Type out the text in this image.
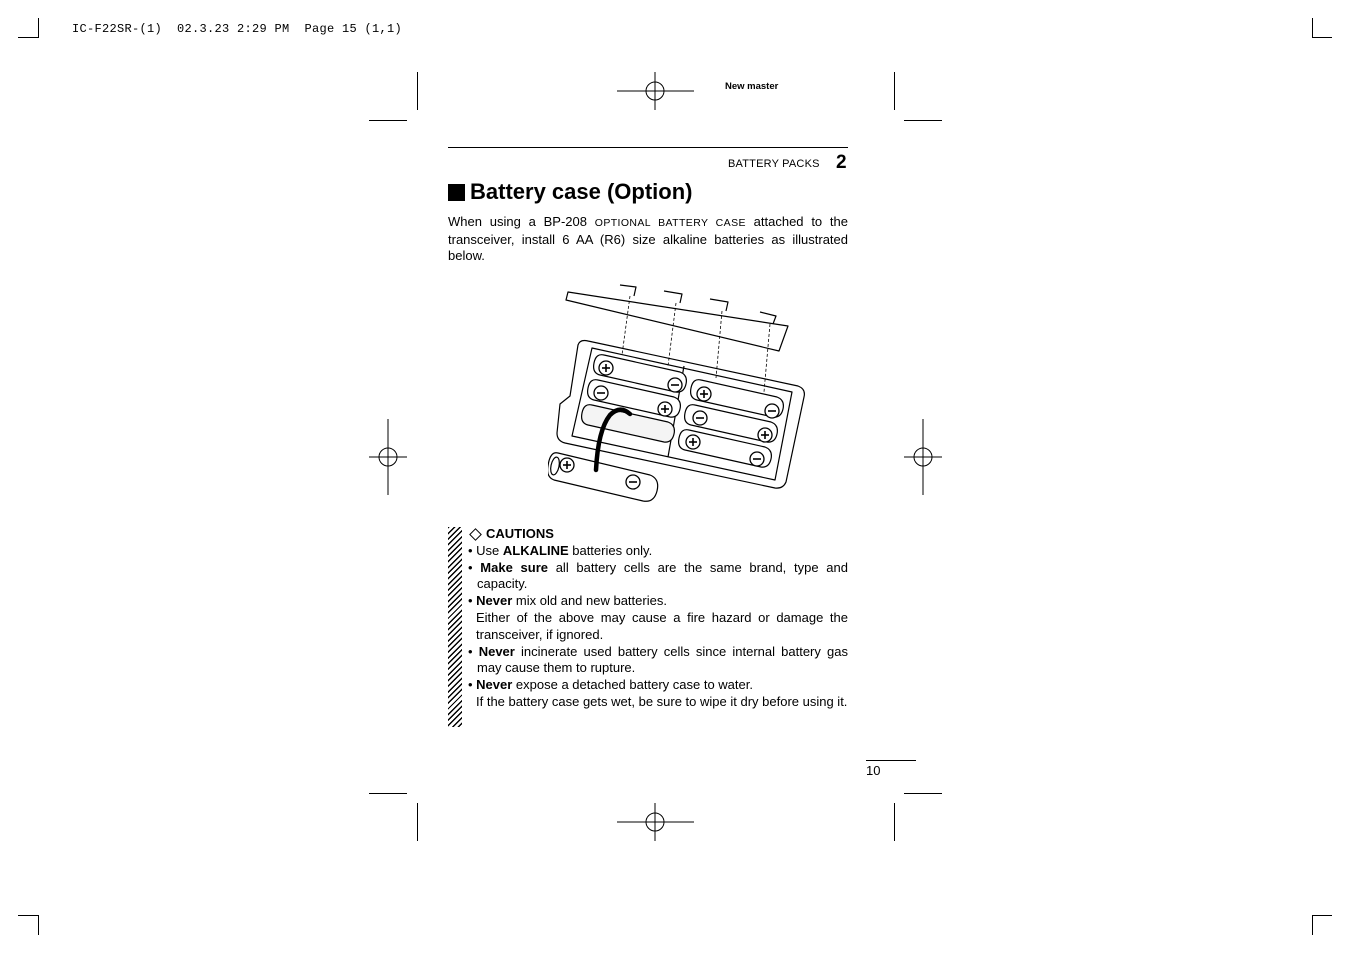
IC-F22SR-(1)  02.3.23 2:29 PM  Page 15 (1,1)
New master
BATTERY PACKS 2
Battery case (Option)
When using a BP-208 OPTIONAL BATTERY CASE attached to the transceiver, install 6 AA (R6) size alkaline batteries as illustrated below.
CAUTIONS
• Use ALKALINE batteries only.
• Make sure all battery cells are the same brand, type and capacity.
• Never mix old and new batteries.
Either of the above may cause a fire hazard or damage the transceiver, if ignored.
• Never incinerate used battery cells since internal battery gas may cause them to rupture.
• Never expose a detached battery case to water.
If the battery case gets wet, be sure to wipe it dry before using it.
10
